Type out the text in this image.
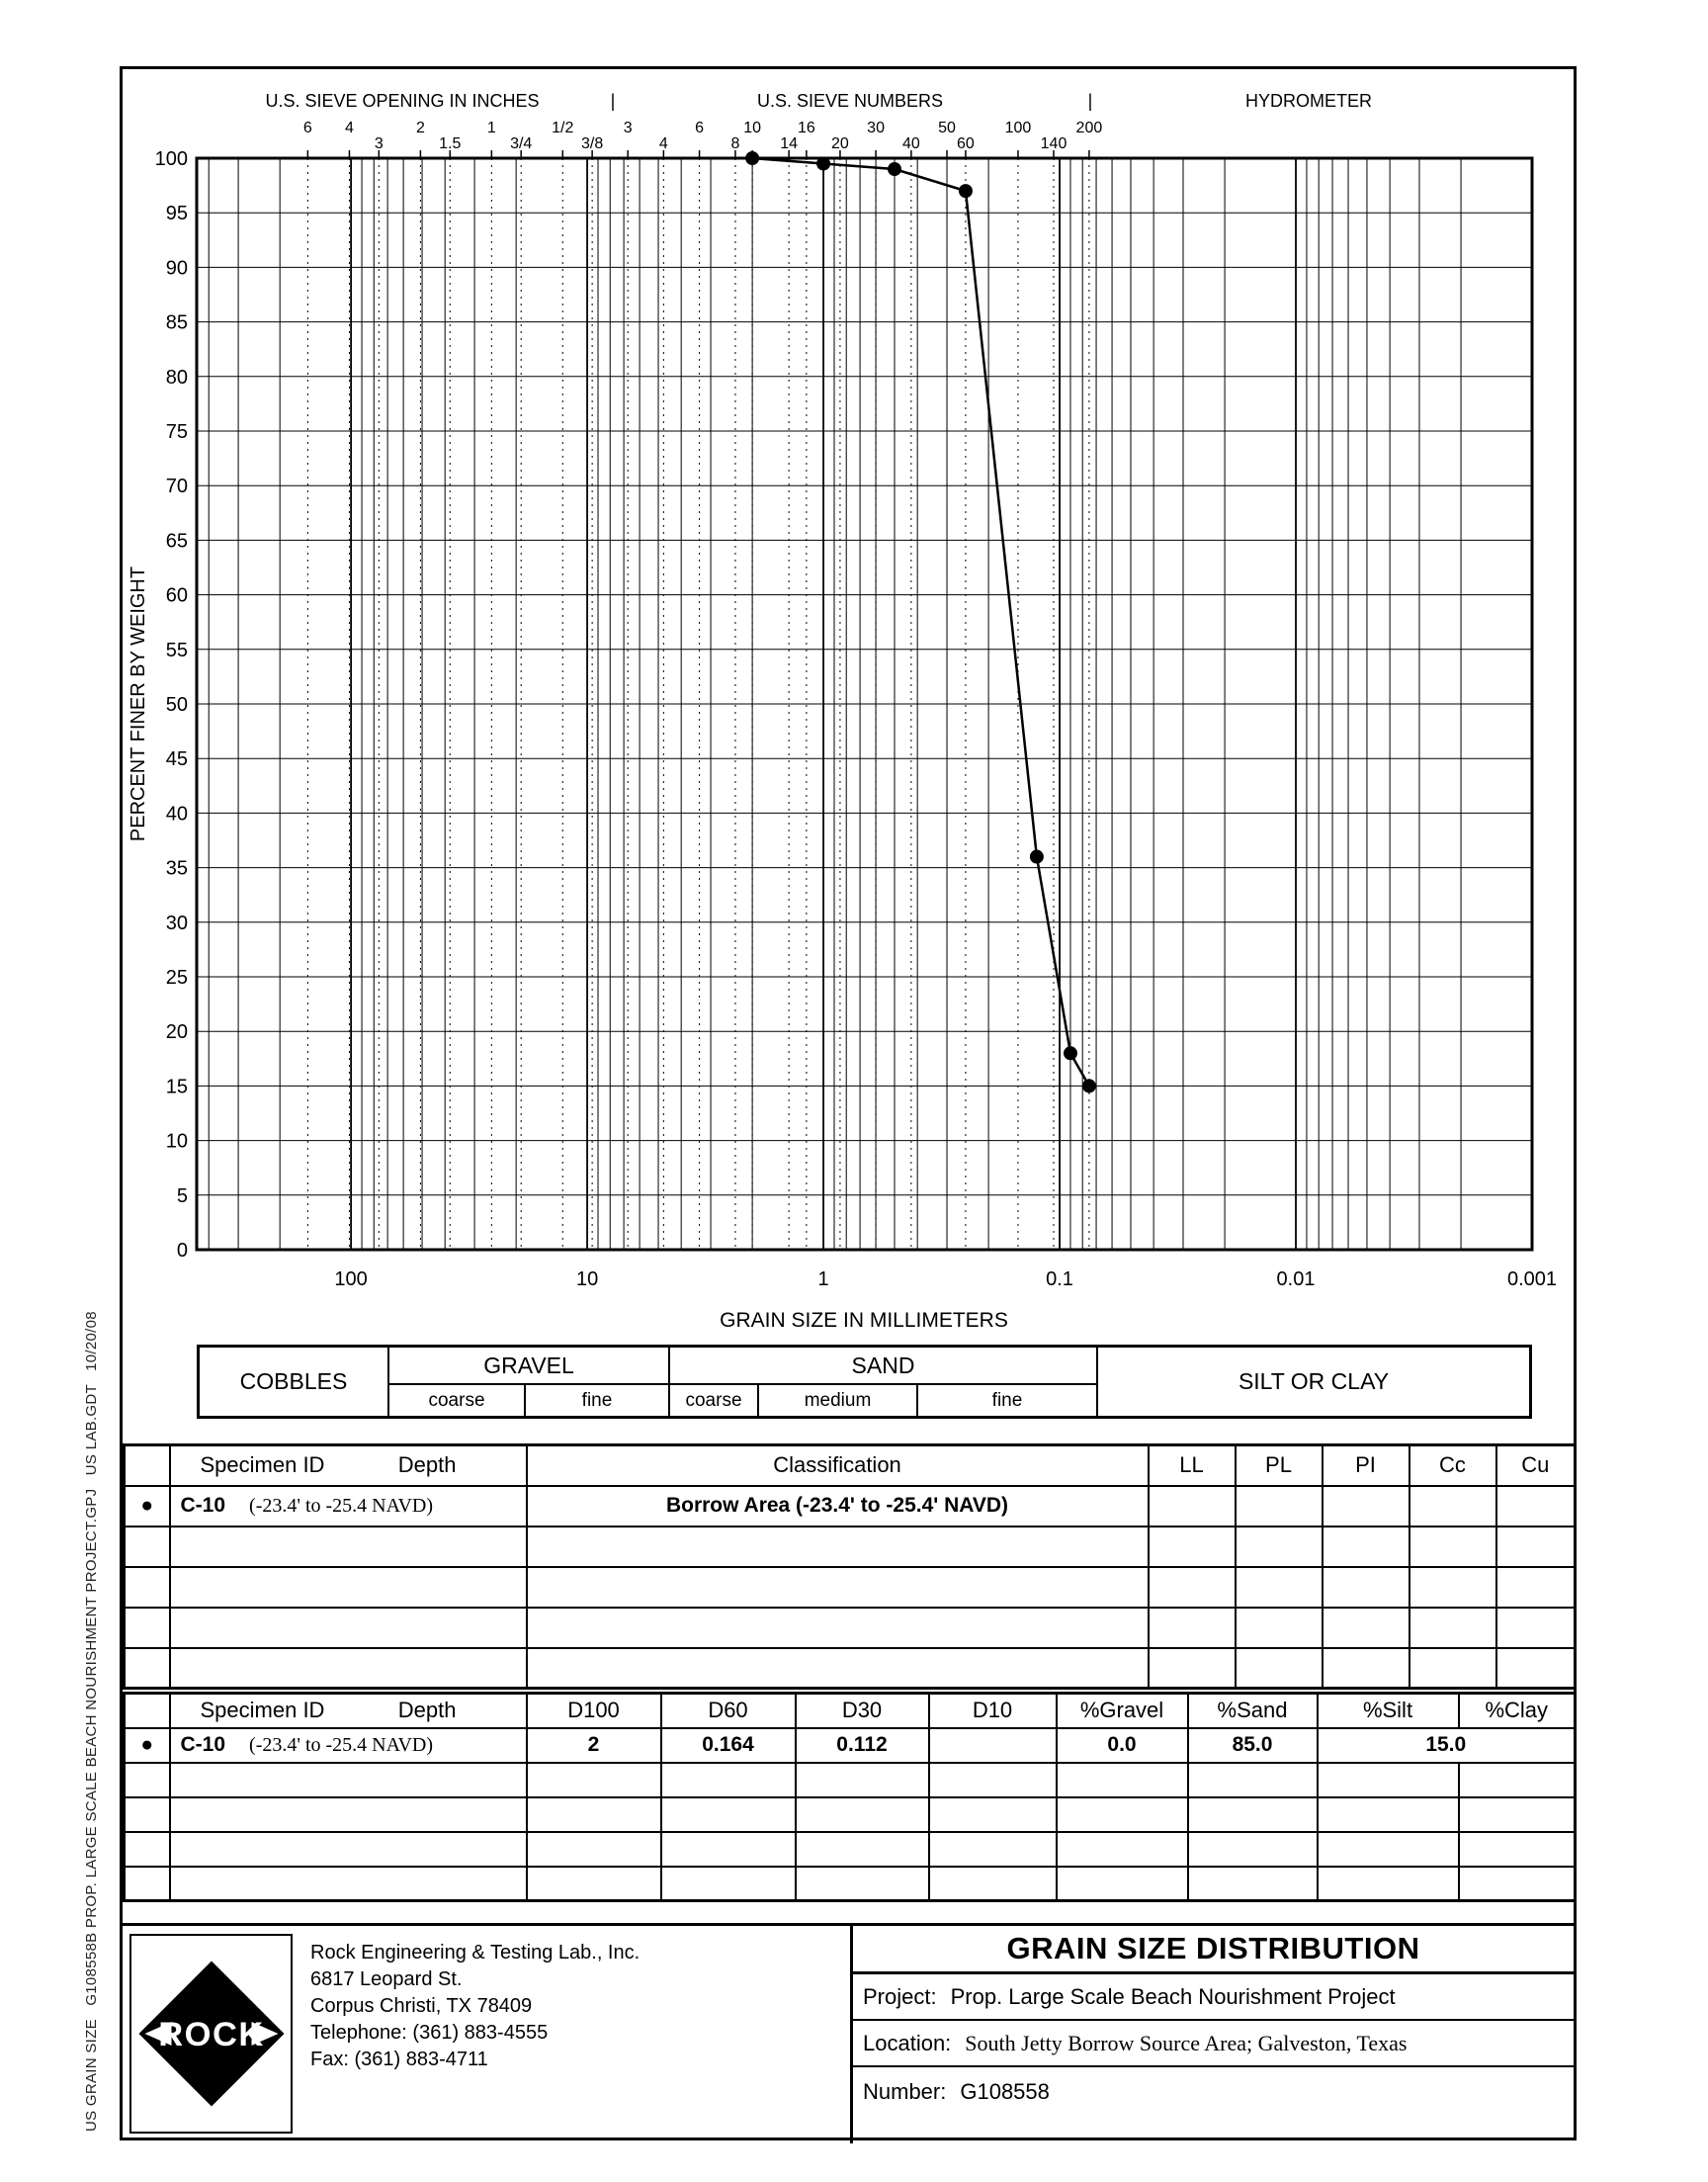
US GRAIN SIZE   G108558B PROP. LARGE SCALE BEACH NOURISHMENT PROJECT.GPJ   US LAB.GDT   10/20/08
6 4
3
2
1.5
1
3/4
1/2
3/8
3
4
6
8
10
14
16
20
30
40
50
60
100
140
200
0
5
10
15
20
25
30
35
40
45
50
55
60
65
70
75
80
85
90
95
100
100	10	1	0.1	0.01	0.001
U.S. SIEVE OPENING IN INCHES	|	U.S. SIEVE NUMBERS	|	HYDROMETER
PERCENT FINER BY WEIGHT
GRAIN SIZE IN MILLIMETERS
COBBLES
GRAVEL
coarse	fine
SAND
coarse	medium	fine
SILT OR CLAY

	Specimen ID Depth	Classification	LL	PL	PI	Cc	Cu
●	C-10 (-23.4' to -25.4 NAVD)	Borrow Area (-23.4' to -25.4' NAVD)					

	Specimen ID Depth	D100	D60	D30	D10	%Gravel	%Sand	%Silt	%Clay
●	C-10 (-23.4' to -25.4 NAVD)	2	0.164	0.112		0.0	85.0	15.0	

ROCK
Rock Engineering & Testing Lab., Inc.
6817 Leopard St.
Corpus Christi, TX 78409
Telephone: (361) 883-4555
Fax: (361) 883-4711
GRAIN SIZE DISTRIBUTION
Project: Prop. Large Scale Beach Nourishment Project
Location: South Jetty Borrow Source Area; Galveston, Texas
Number: G108558
